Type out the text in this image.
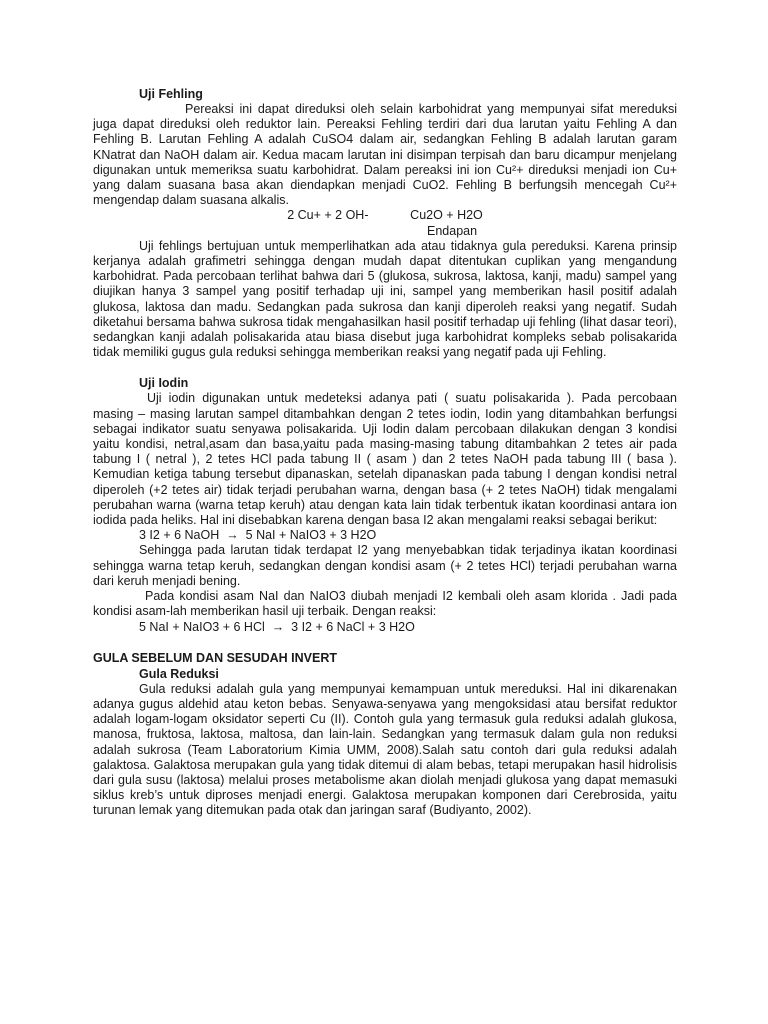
Uji Fehling

Pereaksi ini dapat direduksi oleh selain karbohidrat yang mempunyai sifat mereduksi juga dapat direduksi oleh reduktor lain. Pereaksi Fehling terdiri dari dua larutan yaitu Fehling A dan Fehling B. Larutan Fehling A adalah CuSO4 dalam air, sedangkan Fehling B adalah larutan garam KNatrat dan NaOH dalam air. Kedua macam larutan ini disimpan terpisah dan baru dicampur menjelang digunakan untuk memeriksa suatu karbohidrat. Dalam pereaksi ini ion Cu²+ direduksi menjadi ion Cu+ yang dalam suasana basa akan diendapkan menjadi CuO2. Fehling B berfungsih mencegah Cu²+ mengendap dalam suasana alkalis.

2 Cu+ + 2 OH-            Cu2O + H2O
Endapan

Uji fehlings bertujuan untuk memperlihatkan ada atau tidaknya gula pereduksi. Karena prinsip kerjanya adalah grafimetri sehingga dengan mudah dapat ditentukan cuplikan yang mengandung karbohidrat. Pada percobaan terlihat bahwa dari 5 (glukosa, sukrosa, laktosa, kanji, madu) sampel yang diujikan hanya 3 sampel yang positif terhadap uji ini, sampel yang memberikan hasil positif adalah glukosa, laktosa dan madu. Sedangkan pada sukrosa dan kanji diperoleh reaksi yang negatif. Sudah diketahui bersama bahwa sukrosa tidak mengahasilkan hasil positif terhadap uji fehling (lihat dasar teori), sedangkan kanji adalah polisakarida atau biasa disebut juga karbohidrat kompleks sebab polisakarida tidak memiliki gugus gula reduksi sehingga memberikan reaksi yang negatif pada uji Fehling.

Uji Iodin

Uji iodin digunakan untuk medeteksi adanya pati ( suatu polisakarida ). Pada percobaan masing – masing larutan sampel ditambahkan dengan 2 tetes iodin, Iodin yang ditambahkan berfungsi sebagai indikator suatu senyawa polisakarida. Uji Iodin dalam percobaan dilakukan dengan 3 kondisi yaitu kondisi, netral,asam dan basa,yaitu pada masing-masing tabung ditambahkan 2 tetes air pada tabung I ( netral ), 2 tetes HCl pada tabung II ( asam ) dan 2 tetes NaOH pada tabung III ( basa ). Kemudian ketiga tabung tersebut dipanaskan, setelah dipanaskan pada tabung I dengan kondisi netral diperoleh (+2 tetes air) tidak terjadi perubahan warna, dengan basa (+ 2 tetes NaOH) tidak mengalami perubahan warna (warna tetap keruh) atau dengan kata lain tidak terbentuk ikatan koordinasi antara ion iodida pada heliks. Hal ini disebabkan karena dengan basa I2 akan mengalami reaksi sebagai berikut:

3 I2 + 6 NaOH  →  5 NaI + NaIO3 + 3 H2O

Sehingga pada larutan tidak terdapat I2 yang menyebabkan tidak terjadinya ikatan koordinasi sehingga warna tetap keruh, sedangkan dengan kondisi asam (+ 2 tetes HCl) terjadi perubahan warna dari keruh menjadi bening.

Pada kondisi asam NaI dan NaIO3 diubah menjadi I2 kembali oleh asam klorida . Jadi pada kondisi asam-lah memberikan hasil uji terbaik. Dengan reaksi:

5 NaI + NaIO3 + 6 HCl  →  3 I2 + 6 NaCl + 3 H2O
GULA SEBELUM DAN SESUDAH INVERT
Gula Reduksi

Gula reduksi adalah gula yang mempunyai kemampuan untuk mereduksi. Hal ini dikarenakan adanya gugus aldehid atau keton bebas. Senyawa-senyawa yang mengoksidasi atau bersifat reduktor adalah logam-logam oksidator seperti Cu (II). Contoh gula yang termasuk gula reduksi adalah glukosa, manosa, fruktosa, laktosa, maltosa, dan lain-lain. Sedangkan yang termasuk dalam gula non reduksi adalah sukrosa (Team Laboratorium Kimia UMM, 2008).Salah satu contoh dari gula reduksi adalah galaktosa. Galaktosa merupakan gula yang tidak ditemui di alam bebas, tetapi merupakan hasil hidrolisis dari gula susu (laktosa) melalui proses metabolisme akan diolah menjadi glukosa yang dapat memasuki siklus kreb’s untuk diproses menjadi energi. Galaktosa merupakan komponen dari Cerebrosida, yaitu turunan lemak yang ditemukan pada otak dan jaringan saraf (Budiyanto, 2002).
